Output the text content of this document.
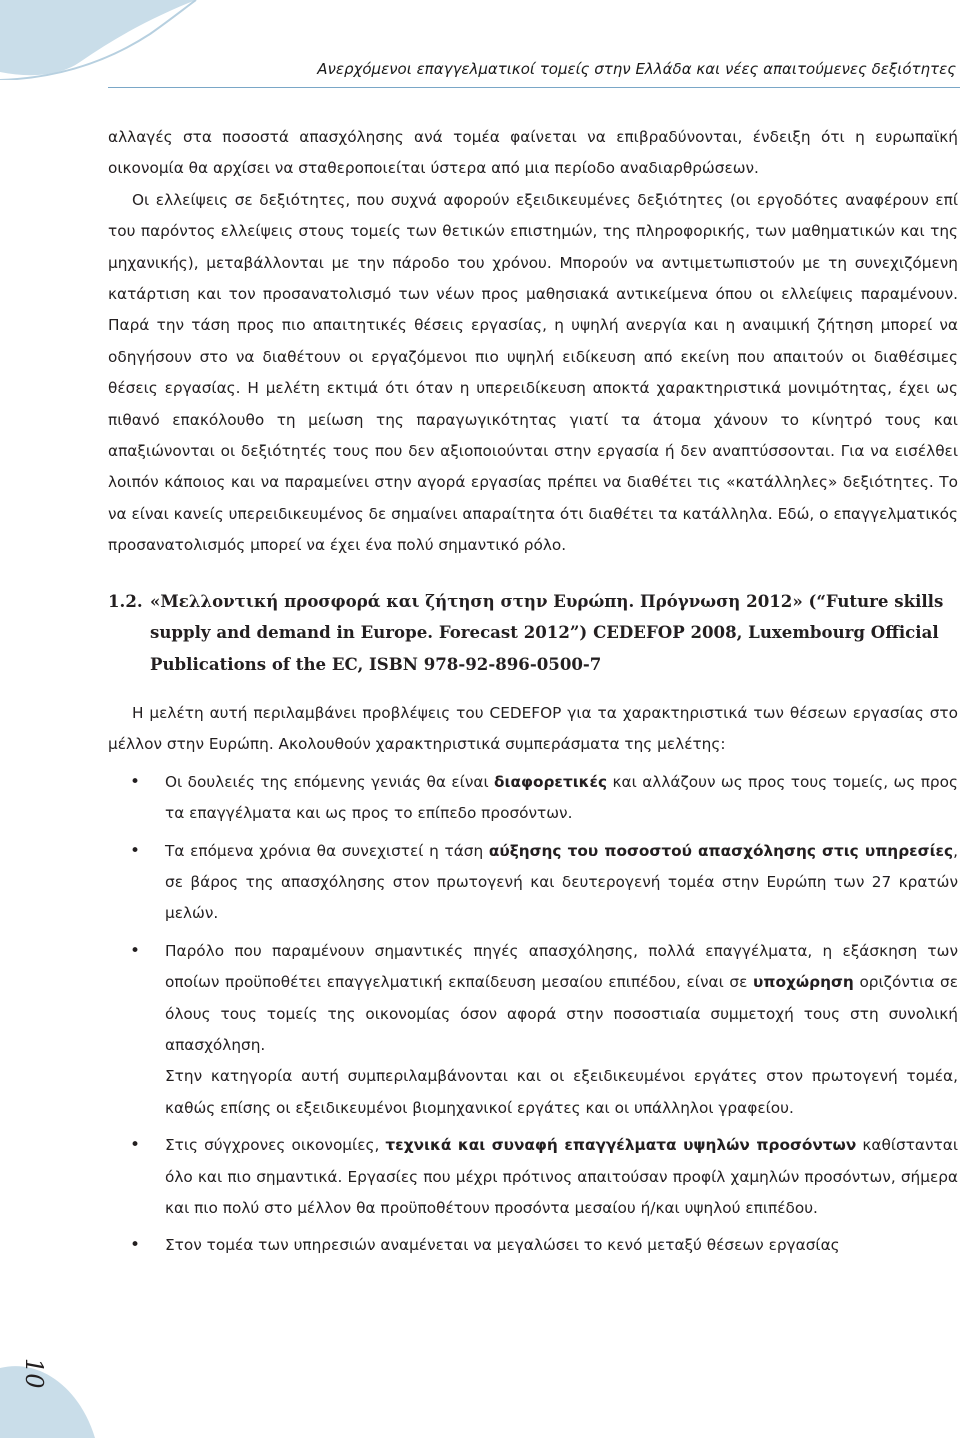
Ανερχόμενοι επαγγελματικοί τομείς στην Ελλάδα και νέες απαιτούμενες δεξιότητες

αλλαγές στα ποσοστά απασχόλησης ανά τομέα φαίνεται να επιβραδύνονται, ένδειξη ότι η ευρωπαϊκή οικονομία θα αρχίσει να σταθεροποιείται ύστερα από μια περίοδο αναδιαρθρώσεων.

Οι ελλείψεις σε δεξιότητες, που συχνά αφορούν εξειδικευμένες δεξιότητες (οι εργοδότες αναφέρουν επί του παρόντος ελλείψεις στους τομείς των θετικών επιστημών, της πληροφορικής, των μαθηματικών και της μηχανικής), μεταβάλλονται με την πάροδο του χρόνου. Μπορούν να αντιμετωπιστούν με τη συνεχιζόμενη κατάρτιση και τον προσανατολισμό των νέων προς μαθησιακά αντικείμενα όπου οι ελλείψεις παραμένουν. Παρά την τάση προς πιο απαιτητικές θέσεις εργασίας, η υψηλή ανεργία και η αναιμική ζήτηση μπορεί να οδηγήσουν στο να διαθέτουν οι εργαζόμενοι πιο υψηλή ειδίκευση από εκείνη που απαιτούν οι διαθέσιμες θέσεις εργασίας. Η μελέτη εκτιμά ότι όταν η υπερειδίκευση αποκτά χαρακτηριστικά μονιμότητας, έχει ως πιθανό επακόλουθο τη μείωση της παραγωγικότητας γιατί τα άτομα χάνουν το κίνητρό τους και απαξιώνονται οι δεξιότητές τους που δεν αξιοποιούνται στην εργασία ή δεν αναπτύσσονται. Για να εισέλθει λοιπόν κάποιος και να παραμείνει στην αγορά εργασίας πρέπει να διαθέτει τις «κατάλληλες» δεξιότητες. Το να είναι κανείς υπερειδικευμένος δε σημαίνει απαραίτητα ότι διαθέτει τα κατάλληλα. Εδώ, ο επαγγελματικός προσανατολισμός μπορεί να έχει ένα πολύ σημαντικό ρόλο.

1.2. «Μελλοντική προσφορά και ζήτηση στην Ευρώπη. Πρόγνωση 2012» (“Future skills supply and demand in Europe. Forecast 2012”) CEDEFOP 2008, Luxembourg Official Publications of the EC, ISBN 978-92-896-0500-7

Η μελέτη αυτή περιλαμβάνει προβλέψεις του CEDEFOP για τα χαρακτηριστικά των θέσεων εργασίας στο μέλλον στην Ευρώπη. Ακολουθούν χαρακτηριστικά συμπεράσματα της μελέτης:

• Οι δουλειές της επόμενης γενιάς θα είναι διαφορετικές και αλλάζουν ως προς τους τομείς, ως προς τα επαγγέλματα και ως προς το επίπεδο προσόντων.
• Τα επόμενα χρόνια θα συνεχιστεί η τάση αύξησης του ποσοστού απασχόλησης στις υπηρεσίες, σε βάρος της απασχόλησης στον πρωτογενή και δευτερογενή τομέα στην Ευρώπη των 27 κρατών μελών.
• Παρόλο που παραμένουν σημαντικές πηγές απασχόλησης, πολλά επαγγέλματα, η εξάσκηση των οποίων προϋποθέτει επαγγελματική εκπαίδευση μεσαίου επιπέδου, είναι σε υποχώρηση οριζόντια σε όλους τους τομείς της οικονομίας όσον αφορά στην ποσοστιαία συμμετοχή τους στη συνολική απασχόληση.
Στην κατηγορία αυτή συμπεριλαμβάνονται και οι εξειδικευμένοι εργάτες στον πρωτογενή τομέα, καθώς επίσης οι εξειδικευμένοι βιομηχανικοί εργάτες και οι υπάλληλοι γραφείου.
• Στις σύγχρονες οικονομίες, τεχνικά και συναφή επαγγέλματα υψηλών προσόντων καθίστανται όλο και πιο σημαντικά. Εργασίες που μέχρι πρότινος απαιτούσαν προφίλ χαμηλών προσόντων, σήμερα και πιο πολύ στο μέλλον θα προϋποθέτουν προσόντα μεσαίου ή/και υψηλού επιπέδου.
• Στον τομέα των υπηρεσιών αναμένεται να μεγαλώσει το κενό μεταξύ θέσεων εργασίας
10
